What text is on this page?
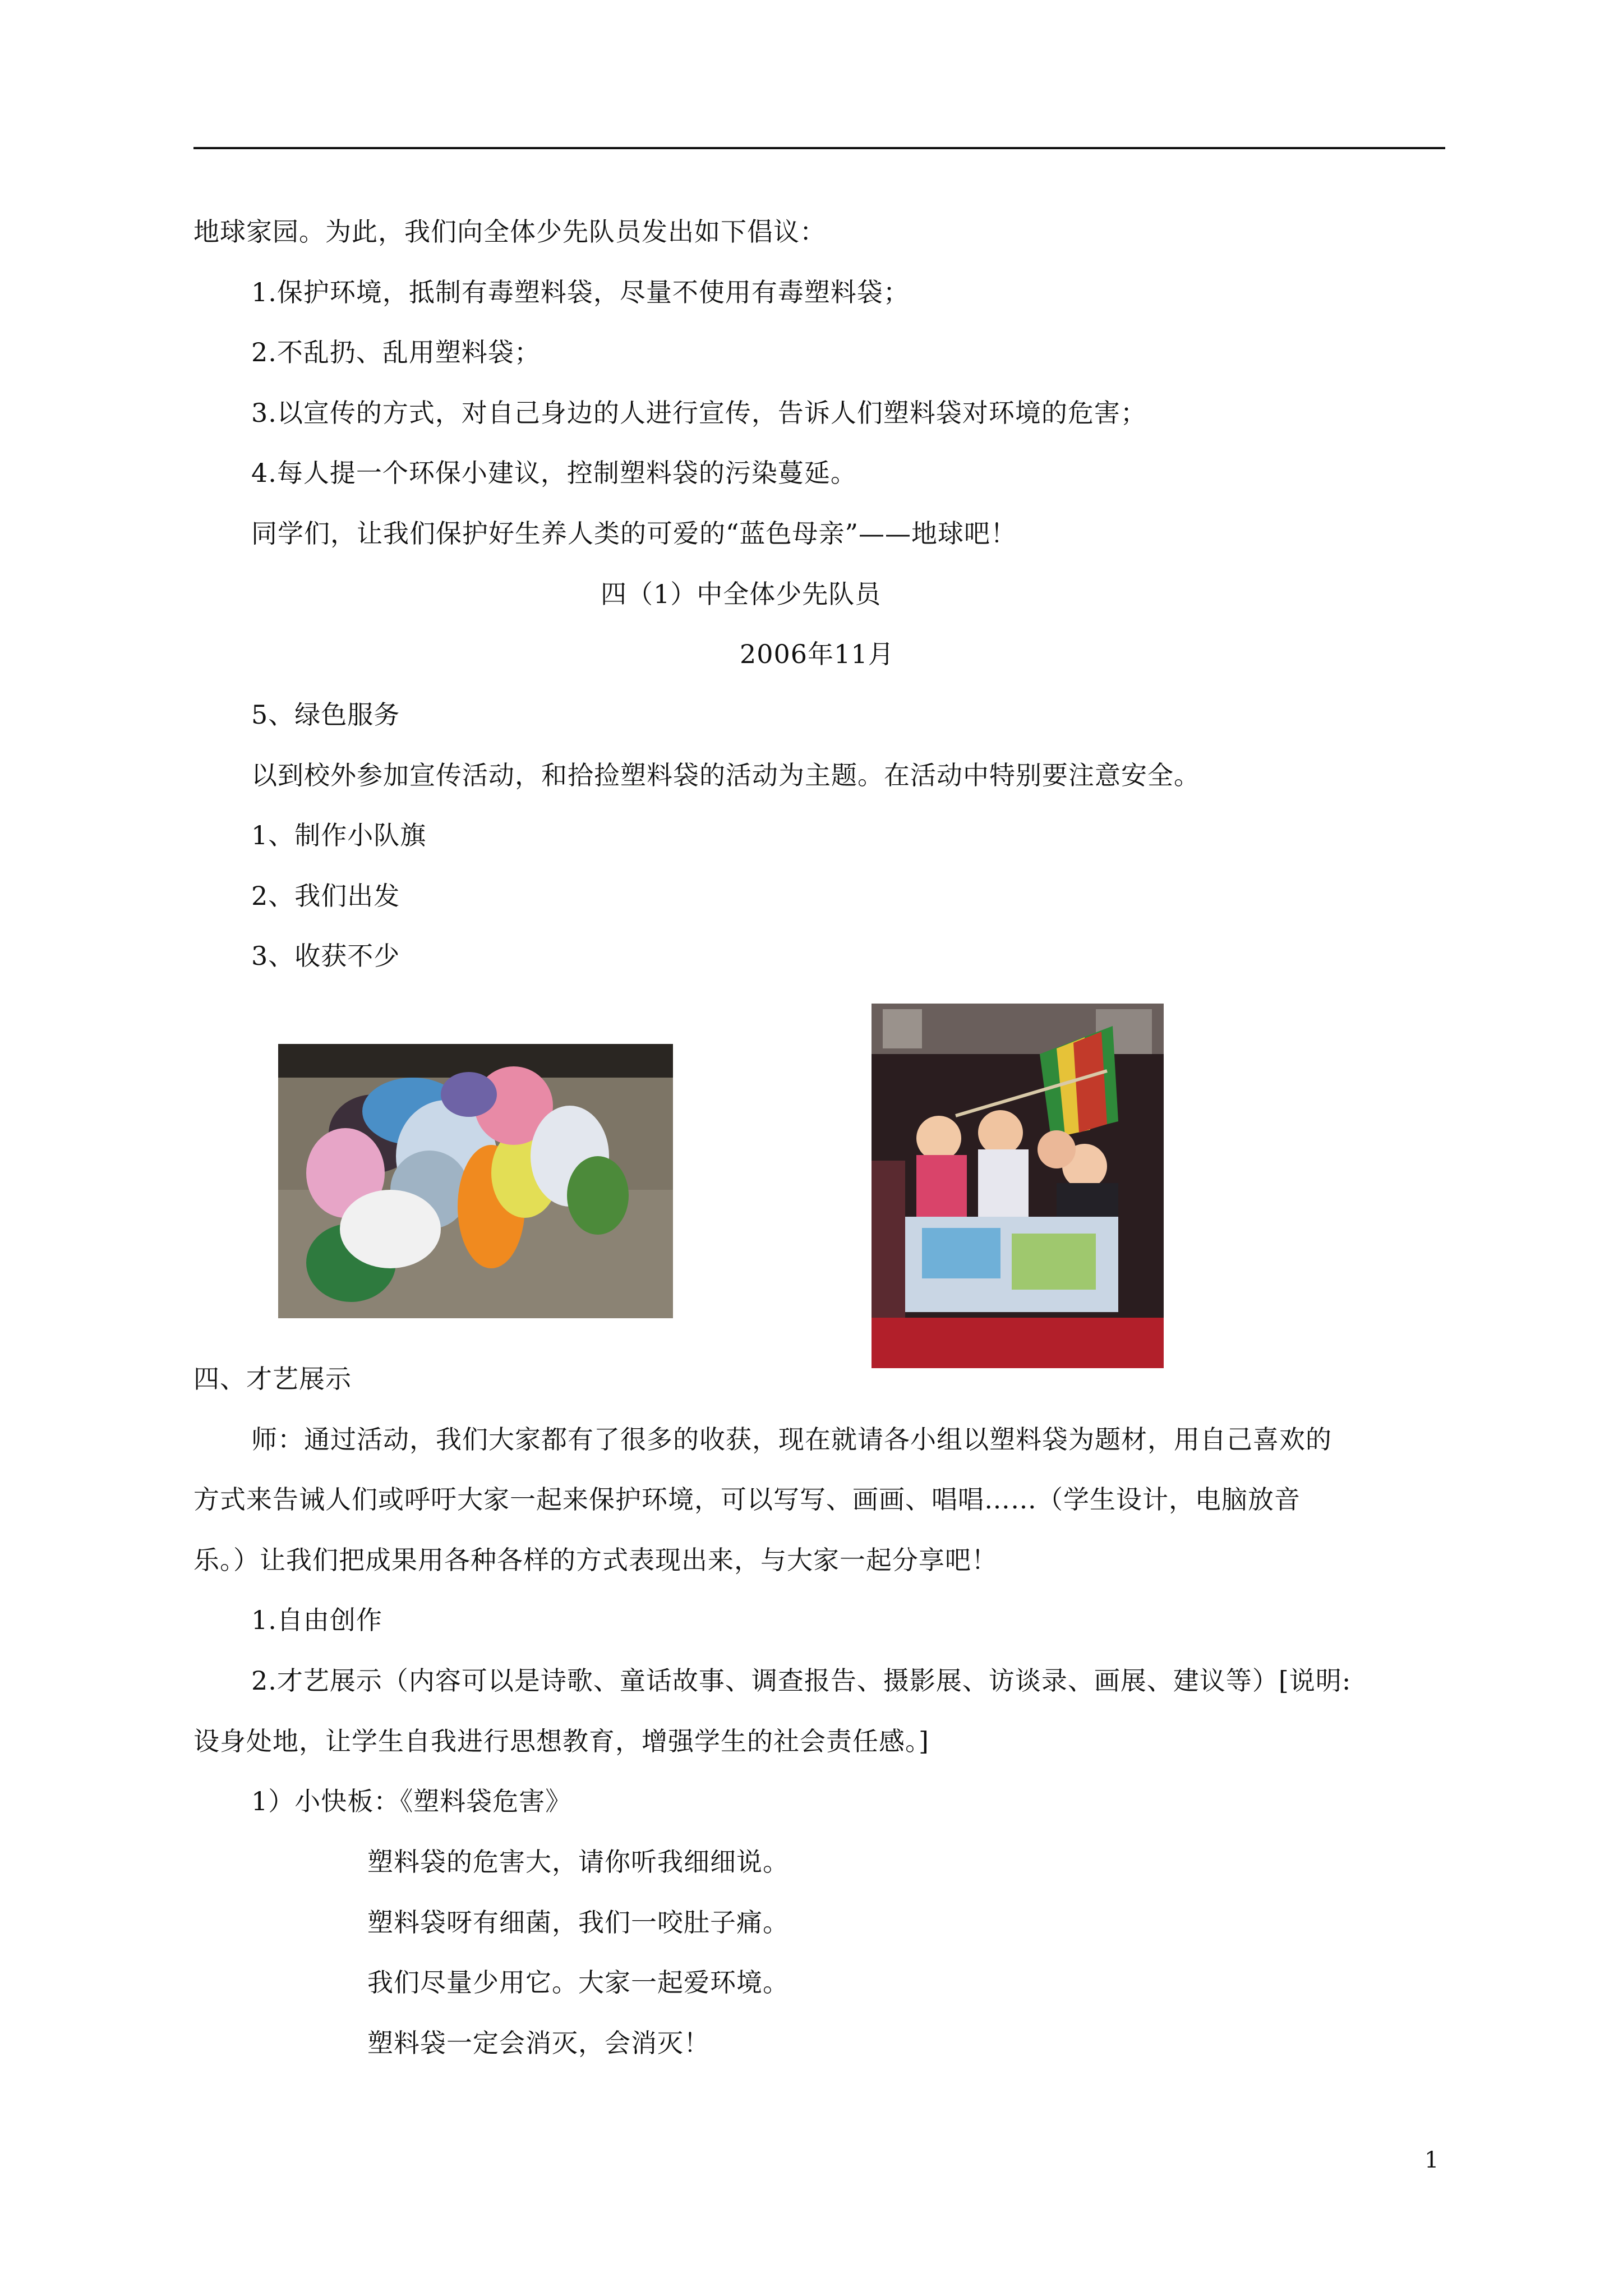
地球家园。为此，我们向全体少先队员发出如下倡议：
1.保护环境，抵制有毒塑料袋，尽量不使用有毒塑料袋；
2.不乱扔、乱用塑料袋；
3.以宣传的方式，对自己身边的人进行宣传，告诉人们塑料袋对环境的危害；
4.每人提一个环保小建议，控制塑料袋的污染蔓延。
同学们，让我们保护好生养人类的可爱的“蓝色母亲”——地球吧！
四（1）中全体少先队员
2006年11月
5、绿色服务
以到校外参加宣传活动，和拾捡塑料袋的活动为主题。在活动中特别要注意安全。
1、制作小队旗
2、我们出发
3、收获不少
四、才艺展示
师：通过活动，我们大家都有了很多的收获，现在就请各小组以塑料袋为题材，用自己喜欢的
方式来告诫人们或呼吁大家一起来保护环境，可以写写、画画、唱唱……（学生设计，电脑放音
乐。）让我们把成果用各种各样的方式表现出来，与大家一起分享吧！
1.自由创作
2.才艺展示（内容可以是诗歌、童话故事、调查报告、摄影展、访谈录、画展、建议等）[说明:
设身处地，让学生自我进行思想教育，增强学生的社会责任感。]
1）小快板：《塑料袋危害》
塑料袋的危害大，请你听我细细说。
塑料袋呀有细菌，我们一咬肚子痛。
我们尽量少用它。大家一起爱环境。
塑料袋一定会消灭，会消灭！
1
